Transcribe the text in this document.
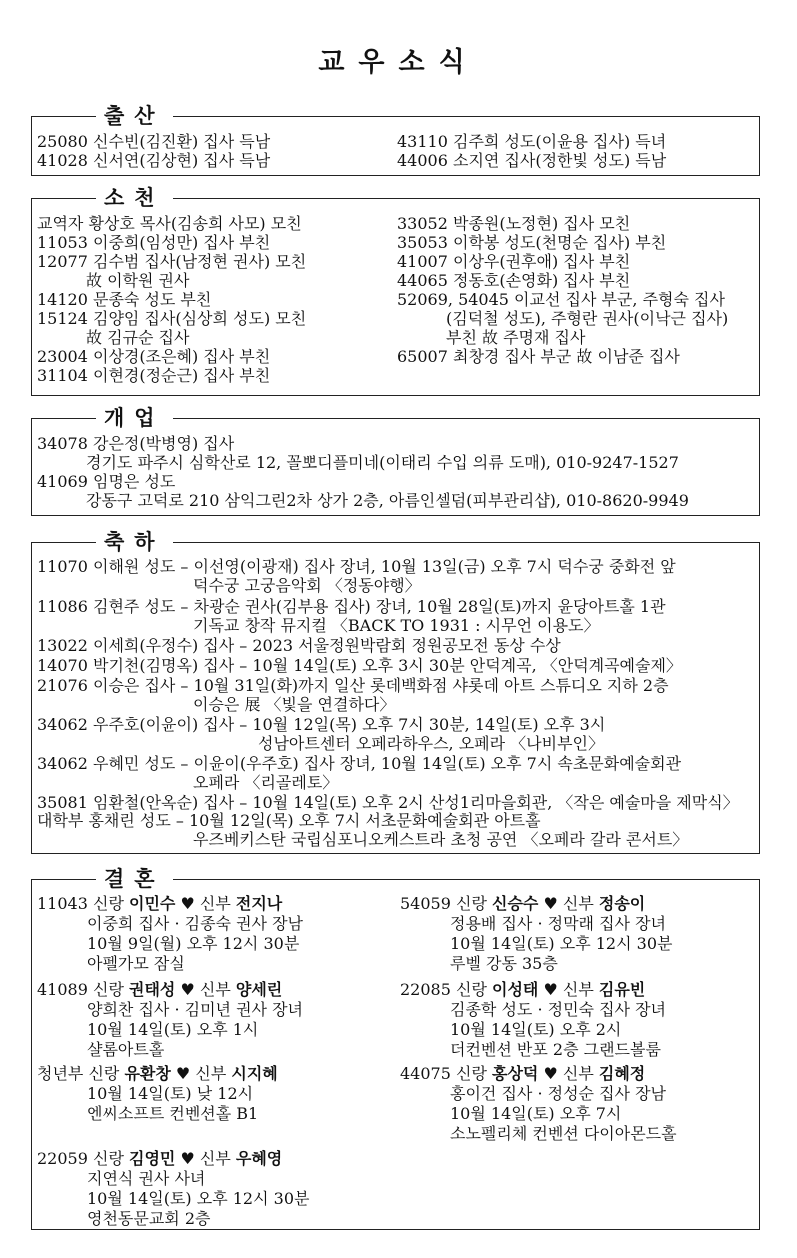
교우소식
출산
25080 신수빈(김진환) 집사 득남
41028 신서연(김상현) 집사 득남
43110 김주희 성도(이윤용 집사) 득녀
44006 소지연 집사(정한빛 성도) 득남
소천
교역자 황상호 목사(김송희 사모) 모친
11053 이중희(임성만) 집사 부친
12077 김수범 집사(남정현 권사) 모친
故 이학원 권사
14120 문종숙 성도 부친
15124 김양임 집사(심상희 성도) 모친
故 김규순 집사
23004 이상경(조은혜) 집사 부친
31104 이현경(정순근) 집사 부친
33052 박종원(노정현) 집사 모친
35053 이학봉 성도(천명순 집사) 부친
41007 이상우(권후애) 집사 부친
44065 정동호(손영화) 집사 부친
52069, 54045 이교선 집사 부군, 주형숙 집사
(김덕철 성도), 주형란 권사(이낙근 집사)
부친 故 주명재 집사
65007 최창경 집사 부군 故 이남준 집사
개업
34078 강은정(박병영) 집사
경기도 파주시 심학산로 12, 꼴뽀디플미네(이태리 수입 의류 도매), 010-9247-1527
41069 임명은 성도
강동구 고덕로 210 삼익그린2차 상가 2층, 아름인셀덤(피부관리샵), 010-8620-9949
축하
11070 이해원 성도 – 이선영(이광재) 집사 장녀, 10월 13일(금) 오후 7시 덕수궁 중화전 앞
덕수궁 고궁음악회 〈정동야행〉
11086 김현주 성도 – 차광순 권사(김부용 집사) 장녀, 10월 28일(토)까지 윤당아트홀 1관
기독교 창작 뮤지컬 〈BACK TO 1931 : 시무언 이용도〉
13022 이세희(우정수) 집사 – 2023 서울정원박람회 정원공모전 동상 수상
14070 박기천(김명옥) 집사 – 10월 14일(토) 오후 3시 30분 안덕계곡, 〈안덕계곡예술제〉
21076 이승은 집사 – 10월 31일(화)까지 일산 롯데백화점 샤롯데 아트 스튜디오 지하 2층
이승은 展 〈빛을 연결하다〉
34062 우주호(이윤이) 집사 – 10월 12일(목) 오후 7시 30분, 14일(토) 오후 3시
성남아트센터 오페라하우스, 오페라 〈나비부인〉
34062 우혜민 성도 – 이윤이(우주호) 집사 장녀, 10월 14일(토) 오후 7시 속초문화예술회관
오페라 〈리골레토〉
35081 임환철(안옥순) 집사 – 10월 14일(토) 오후 2시 산성1리마을회관, 〈작은 예술마을 제막식〉
대학부 홍채린 성도 – 10월 12일(목) 오후 7시 서초문화예술회관 아트홀
우즈베키스탄 국립심포니오케스트라 초청 공연 〈오페라 갈라 콘서트〉
결혼
11043 신랑 이민수 ♥ 신부 전지나
이중희 집사 · 김종숙 권사 장남
10월 9일(월) 오후 12시 30분
아펠가모 잠실
54059 신랑 신승수 ♥ 신부 정송이
정용배 집사 · 정막래 집사 장녀
10월 14일(토) 오후 12시 30분
루벨 강동 35층
41089 신랑 권태성 ♥ 신부 양세린
양희찬 집사 · 김미년 권사 장녀
10월 14일(토) 오후 1시
샬롬아트홀
22085 신랑 이성태 ♥ 신부 김유빈
김종학 성도 · 정민숙 집사 장녀
10월 14일(토) 오후 2시
더컨벤션 반포 2층 그랜드볼룸
청년부 신랑 유환창 ♥ 신부 시지혜
10월 14일(토) 낮 12시
엔씨소프트 컨벤션홀 B1
44075 신랑 홍상덕 ♥ 신부 김혜정
홍이건 집사 · 정성순 집사 장남
10월 14일(토) 오후 7시
소노펠리체 컨벤션 다이아몬드홀
22059 신랑 김영민 ♥ 신부 우혜영
지연식 권사 사녀
10월 14일(토) 오후 12시 30분
영천동문교회 2층
